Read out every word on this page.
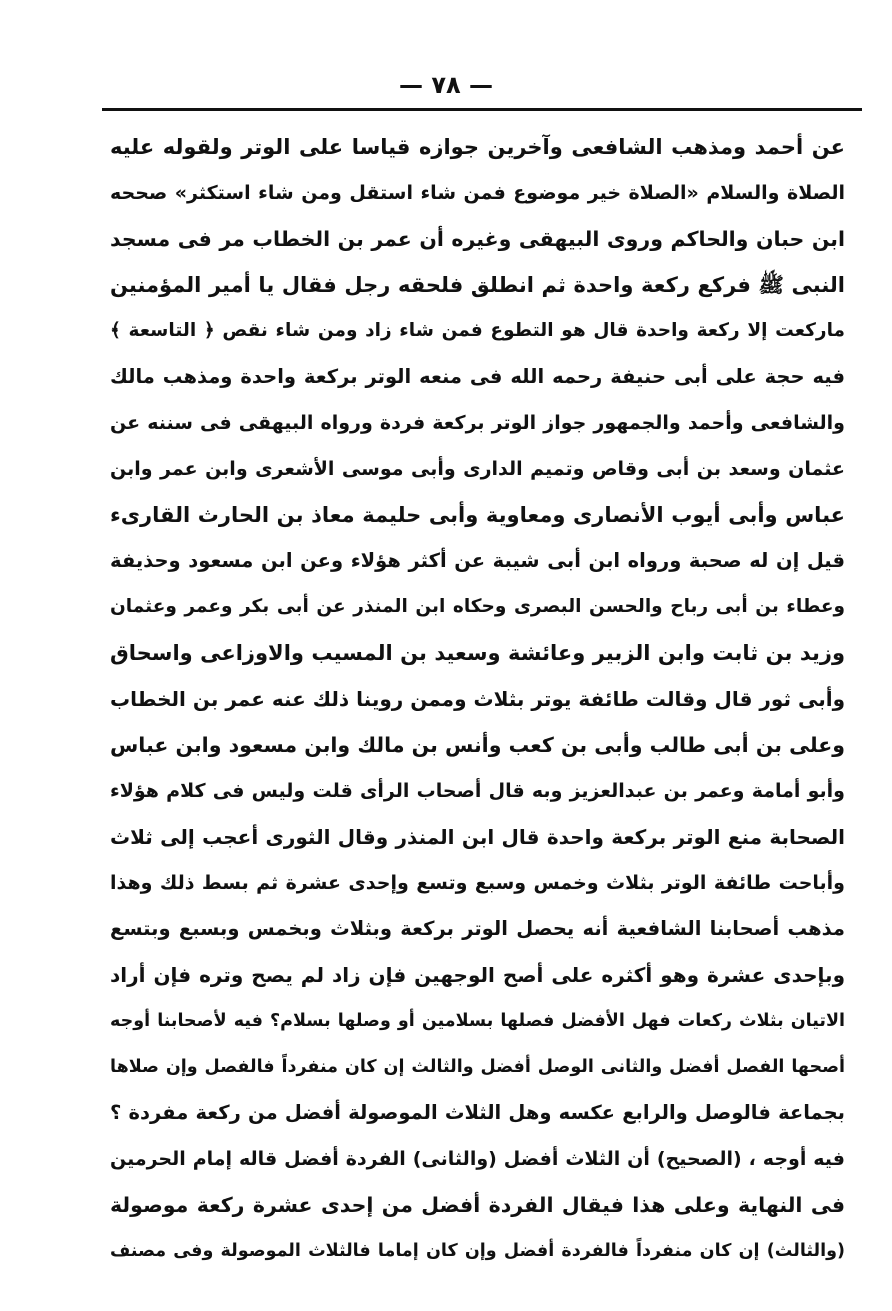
— ٧٨ —
عن أحمد ومذهب الشافعى وآخرين جوازه قياسا على الوتر ولقوله عليه
الصلاة والسلام «الصلاة خير موضوع فمن شاء استقل ومن شاء استكثر» صححه
ابن حبان والحاكم وروى البيهقى وغيره أن عمر بن الخطاب مر فى مسجد
النبى ﷺ فركع ركعة واحدة ثم انطلق فلحقه رجل فقال يا أمير المؤمنين
ماركعت إلا ركعة واحدة قال هو التطوع فمن شاء زاد ومن شاء نقص ﴿ التاسعة ﴾
فيه حجة على أبى حنيفة رحمه الله فى منعه الوتر بركعة واحدة ومذهب مالك
والشافعى وأحمد والجمهور جواز الوتر بركعة فردة ورواه البيهقى فى سننه عن
عثمان وسعد بن أبى وقاص وتميم الدارى وأبى موسى الأشعرى وابن عمر وابن
عباس وأبى أيوب الأنصارى ومعاوية وأبى حليمة معاذ بن الحارث القارىء
قيل إن له صحبة ورواه ابن أبى شيبة عن أكثر هؤلاء وعن ابن مسعود وحذيفة
وعطاء بن أبى رباح والحسن البصرى وحكاه ابن المنذر عن أبى بكر وعمر وعثمان
وزيد بن ثابت وابن الزبير وعائشة وسعيد بن المسيب والاوزاعى واسحاق
وأبى ثور قال وقالت طائفة يوتر بثلاث وممن روينا ذلك عنه عمر بن الخطاب
وعلى بن أبى طالب وأبى بن كعب وأنس بن مالك وابن مسعود وابن عباس
وأبو أمامة وعمر بن عبدالعزيز وبه قال أصحاب الرأى قلت وليس فى كلام هؤلاء
الصحابة منع الوتر بركعة واحدة قال ابن المنذر وقال الثورى أعجب إلى ثلاث
وأباحت طائفة الوتر بثلاث وخمس وسبع وتسع وإحدى عشرة ثم بسط ذلك وهذا
مذهب أصحابنا الشافعية أنه يحصل الوتر بركعة وبثلاث وبخمس وبسبع وبتسع
وبإحدى عشرة وهو أكثره على أصح الوجهين فإن زاد لم يصح وتره فإن أراد
الاتيان بثلاث ركعات فهل الأفضل فصلها بسلامين أو وصلها بسلام؟ فيه لأصحابنا أوجه
أصحها الفصل أفضل والثانى الوصل أفضل والثالث إن كان منفرداً فالفصل وإن صلاها
بجماعة فالوصل والرابع عكسه وهل الثلاث الموصولة أفضل من ركعة مفردة ؟
فيه أوجه ، (الصحيح) أن الثلاث أفضل (والثانى) الفردة أفضل قاله إمام الحرمين
فى النهاية وعلى هذا فيقال الفردة أفضل من إحدى عشرة ركعة موصولة
(والثالث) إن كان منفرداً فالفردة أفضل وإن كان إماما فالثلاث الموصولة وفى مصنف
